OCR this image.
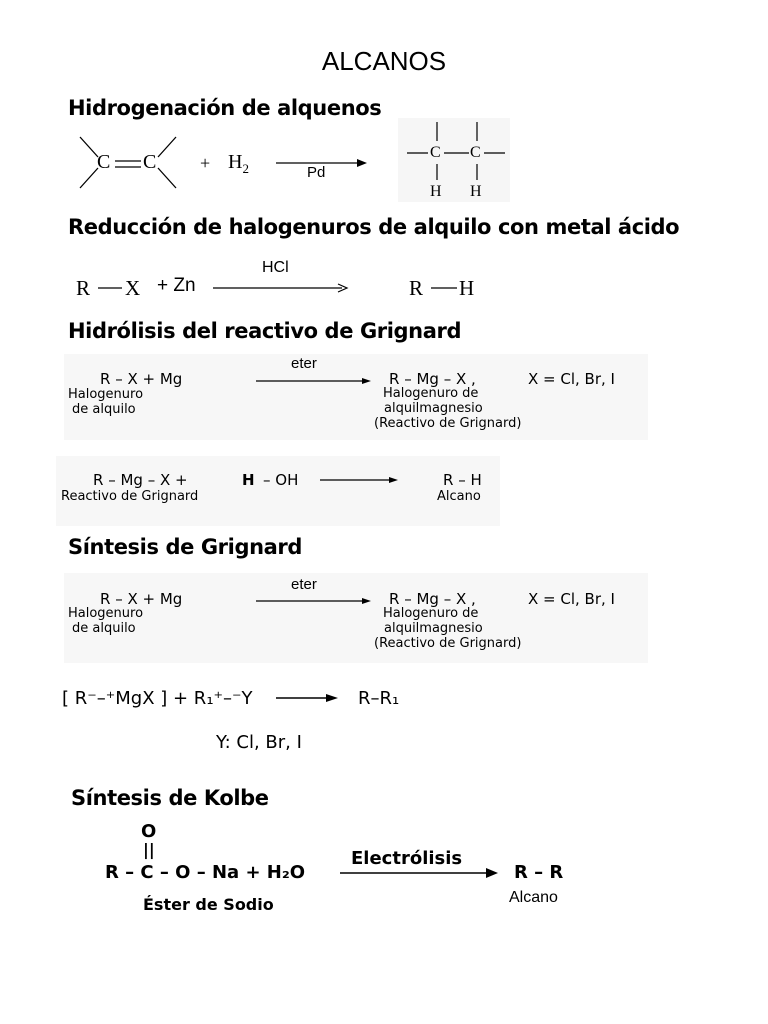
ALCANOS
Hidrogenación de alquenos
C $C + H_2$	Pd
C C
H H
Reducción de halogenuros de alquilo con metal ácido
R X + Zn
HCl
R H
Hidrólisis del reactivo de Grignard
R – X + Mg
Halogenuro
de alquilo
eter
R – Mg – X ,	X = Cl, Br, I
Halogenuro de
alquilmagnesio
(Reactivo de Grignard)
R – Mg – X +	H – OH
Reactivo de Grignard
R – H
Alcano
Síntesis de Grignard
R – X + Mg
Halogenuro
de alquilo
eter
R – Mg – X ,	X = Cl, Br, I
Halogenuro de
alquilmagnesio
(Reactivo de Grignard)
[ R⁻–⁺MgX ] + R₁⁺–⁻Y	R–R₁
Y: Cl, Br, I
Síntesis de Kolbe
O
||
R – C – O – Na + H₂O
Éster de Sodio
Electrólisis
R – R
Alcano
